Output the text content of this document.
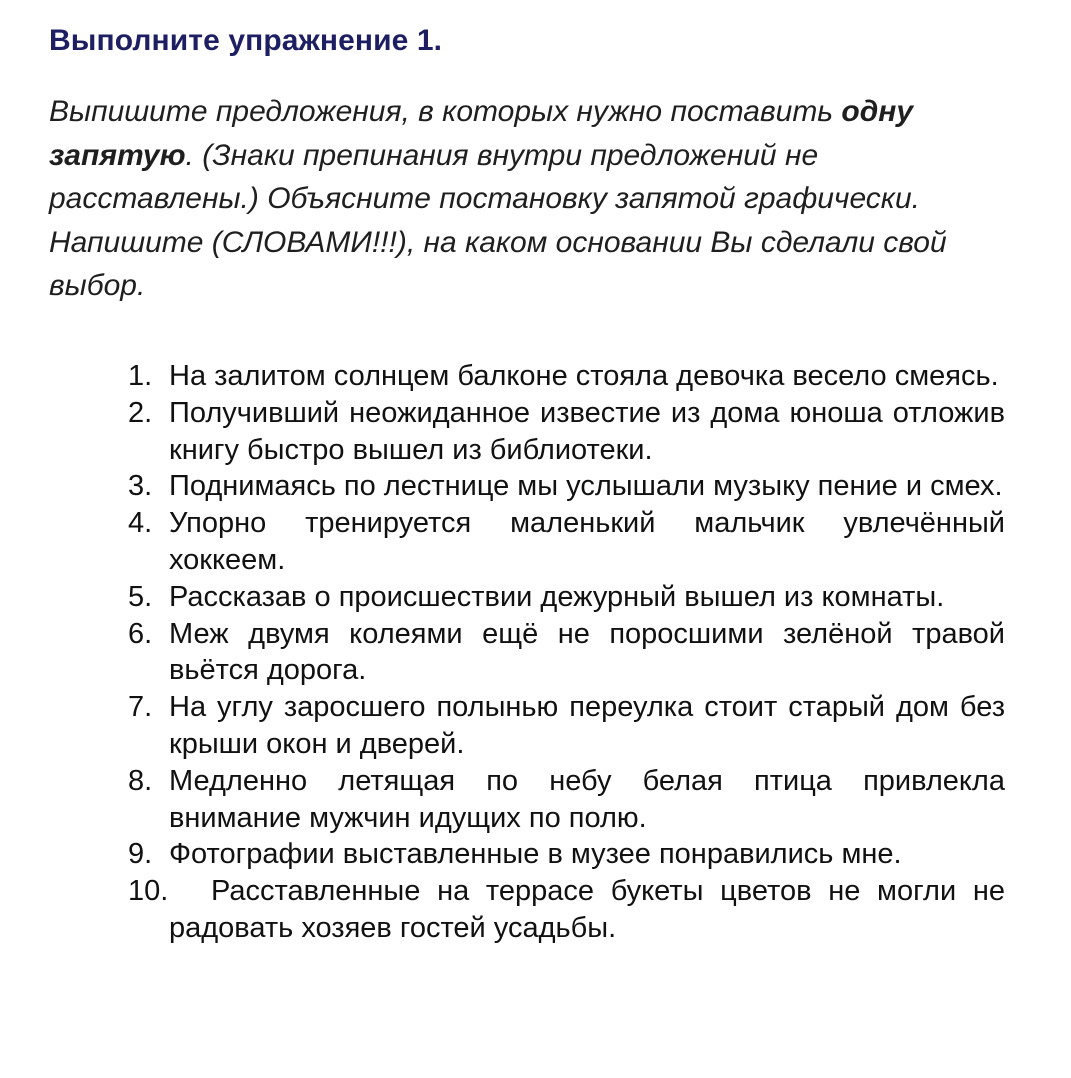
Выполните упражнение 1.

Выпишите предложения, в которых нужно поставить одну запятую. (Знаки препинания внутри предложений не расставлены.) Объясните постановку запятой графически. Напишите (СЛОВАМИ!!!), на каком основании Вы сделали свой выбор.

1. На залитом солнцем балконе стояла девочка весело смеясь.
2. Получивший неожиданное известие из дома юноша отложив книгу быстро вышел из библиотеки.
3. Поднимаясь по лестнице мы услышали музыку пение и смех.
4. Упорно тренируется маленький мальчик увлечённый хоккеем.
5. Рассказав о происшествии дежурный вышел из комнаты.
6. Меж двумя колеями ещё не поросшими зелёной травой вьётся дорога.
7. На углу заросшего полынью переулка стоит старый дом без крыши окон и дверей.
8. Медленно летящая по небу белая птица привлекла внимание мужчин идущих по полю.
9. Фотографии выставленные в музее понравились мне.
10.	Расставленные на террасе букеты цветов не могли не радовать хозяев гостей усадьбы.
